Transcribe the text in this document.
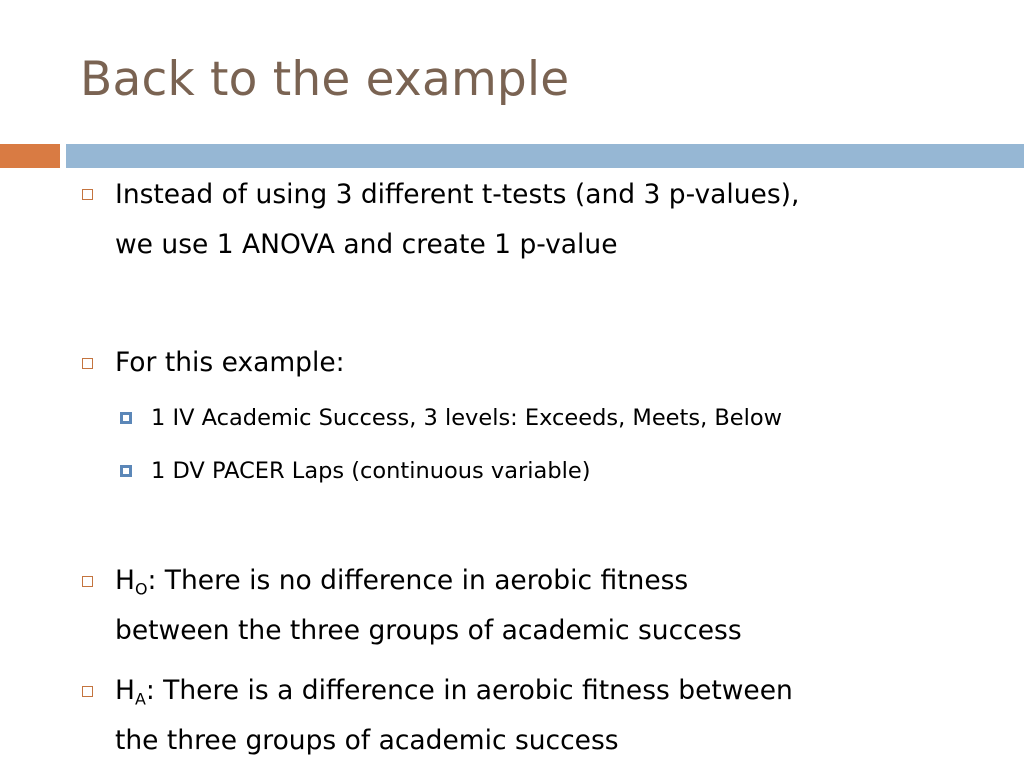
Back to the example
Instead of using 3 different t-tests (and 3 p-values),
we use 1 ANOVA and create 1 p-value
For this example:
1 IV Academic Success, 3 levels: Exceeds, Meets, Below
1 DV PACER Laps (continuous variable)
$H_O$: There is no difference in aerobic fitness
between the three groups of academic success
$H_A$: There is a difference in aerobic fitness between
the three groups of academic success
